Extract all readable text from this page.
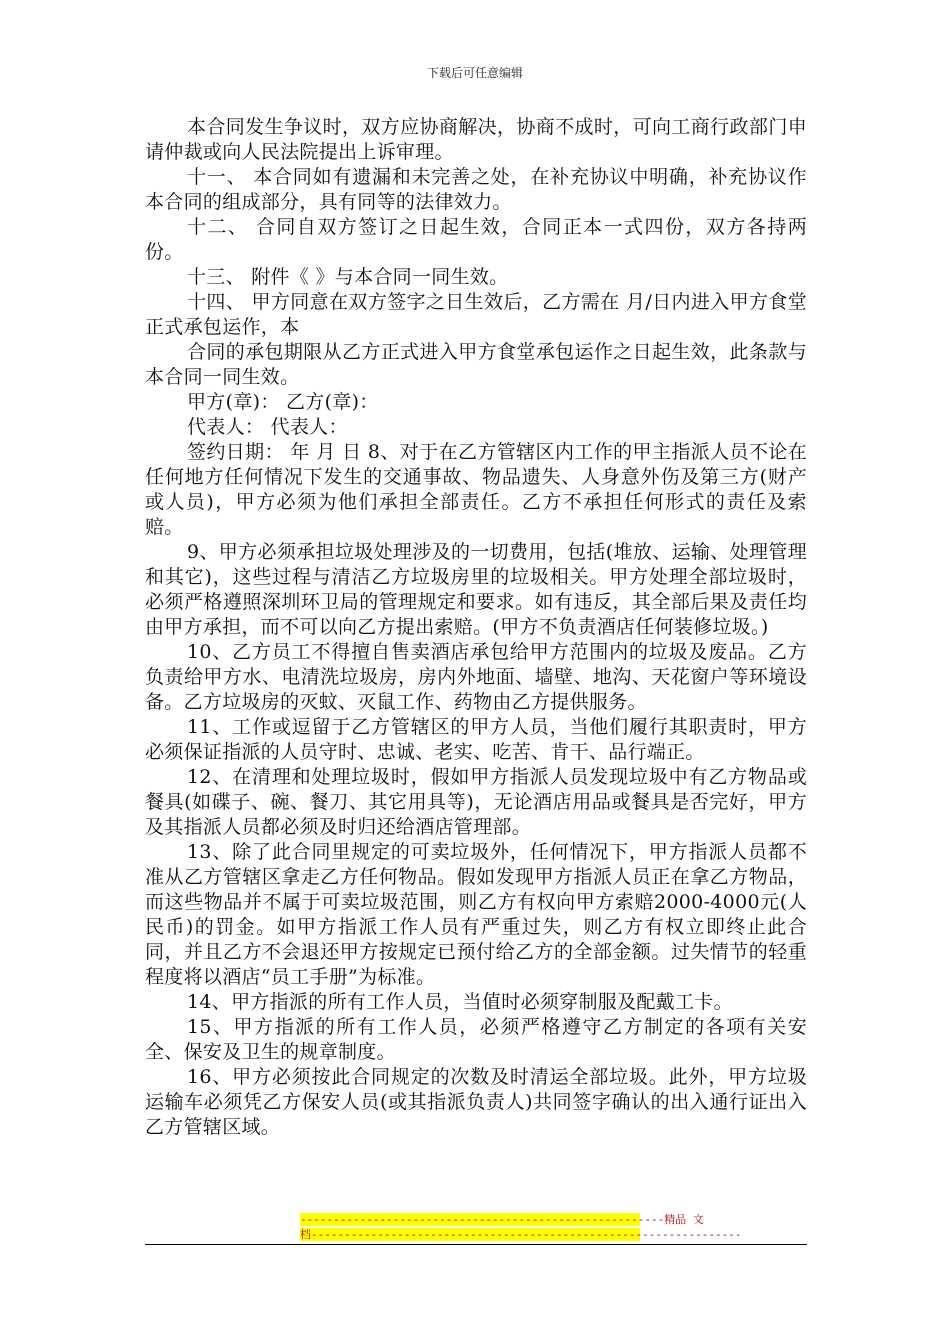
下载后可任意编辑

本合同发生争议时，双方应协商解决，协商不成时，可向工商行政部门申请仲裁或向人民法院提出上诉审理。

十一、 本合同如有遗漏和未完善之处，在补充协议中明确，补充协议作本合同的组成部分，具有同等的法律效力。

十二、 合同自双方签订之日起生效，合同正本一式四份，双方各持两份。

十三、 附件《 》与本合同一同生效。

十四、 甲方同意在双方签字之日生效后，乙方需在 月/日内进入甲方食堂正式承包运作，本

合同的承包期限从乙方正式进入甲方食堂承包运作之日起生效，此条款与本合同一同生效。

甲方(章)： 乙方(章)：

代表人： 代表人：

签约日期： 年 月 日 8、对于在乙方管辖区内工作的甲主指派人员不论在任何地方任何情况下发生的交通事故、物品遗失、人身意外伤及第三方(财产或人员)，甲方必须为他们承担全部责任。乙方不承担任何形式的责任及索赔。

9、甲方必须承担垃圾处理涉及的一切费用，包括(堆放、运输、处理管理和其它)，这些过程与清洁乙方垃圾房里的垃圾相关。甲方处理全部垃圾时，必须严格遵照深圳环卫局的管理规定和要求。如有违反，其全部后果及责任均由甲方承担，而不可以向乙方提出索赔。(甲方不负责酒店任何装修垃圾。)

10、乙方员工不得擅自售卖酒店承包给甲方范围内的垃圾及废品。乙方负责给甲方水、电清洗垃圾房，房内外地面、墙壁、地沟、天花窗户等环境设备。乙方垃圾房的灭蚊、灭鼠工作、药物由乙方提供服务。

11、工作或逗留于乙方管辖区的甲方人员，当他们履行其职责时，甲方必须保证指派的人员守时、忠诚、老实、吃苦、肯干、品行端正。

12、在清理和处理垃圾时，假如甲方指派人员发现垃圾中有乙方物品或餐具(如碟子、碗、餐刀、其它用具等)，无论酒店用品或餐具是否完好，甲方及其指派人员都必须及时归还给酒店管理部。

13、除了此合同里规定的可卖垃圾外，任何情况下，甲方指派人员都不准从乙方管辖区拿走乙方任何物品。假如发现甲方指派人员正在拿乙方物品，而这些物品并不属于可卖垃圾范围，则乙方有权向甲方索赔2000-4000元(人民币)的罚金。如甲方指派工作人员有严重过失，则乙方有权立即终止此合同，并且乙方不会退还甲方按规定已预付给乙方的全部金额。过失情节的轻重程度将以酒店“员工手册”为标准。

14、甲方指派的所有工作人员，当值时必须穿制服及配戴工卡。

15、甲方指派的所有工作人员，必须严格遵守乙方制定的各项有关安全、保安及卫生的规章制度。

16、甲方必须按此合同规定的次数及时清运全部垃圾。此外，甲方垃圾运输车必须凭乙方保安人员(或其指派负责人)共同签字确认的出入通行证出入乙方管辖区域。

-------------------------------------------------------精品 文
档-----------------------------------------------------------------
